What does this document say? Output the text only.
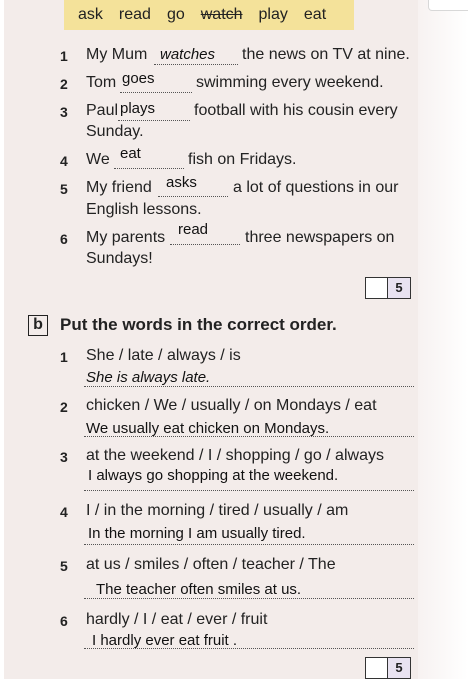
ask read go watch play eat
1 My Mum watches the news on TV at nine.
2 Tom goes	swimming every weekend.
3 Paul plays football with his cousin every
Sunday.
4 We eat	fish on Fridays.
5 My friend asks a lot of questions in our
English lessons.
6 My parents read three newspapers on
Sundays!
5
b	Put the words in the correct order.
1 She / late / always / is
She is always late.
2 chicken / We / usually / on Mondays / eat
We usually eat chicken on Mondays.
3 at the weekend / I / shopping / go / always
I always go shopping at the weekend.
4 I / in the morning / tired / usually / am
In the morning I am usually tired.
5 at us / smiles / often / teacher / The
The teacher often smiles at us.
6 hardly / I / eat / ever / fruit
I hardly ever eat fruit .
5
